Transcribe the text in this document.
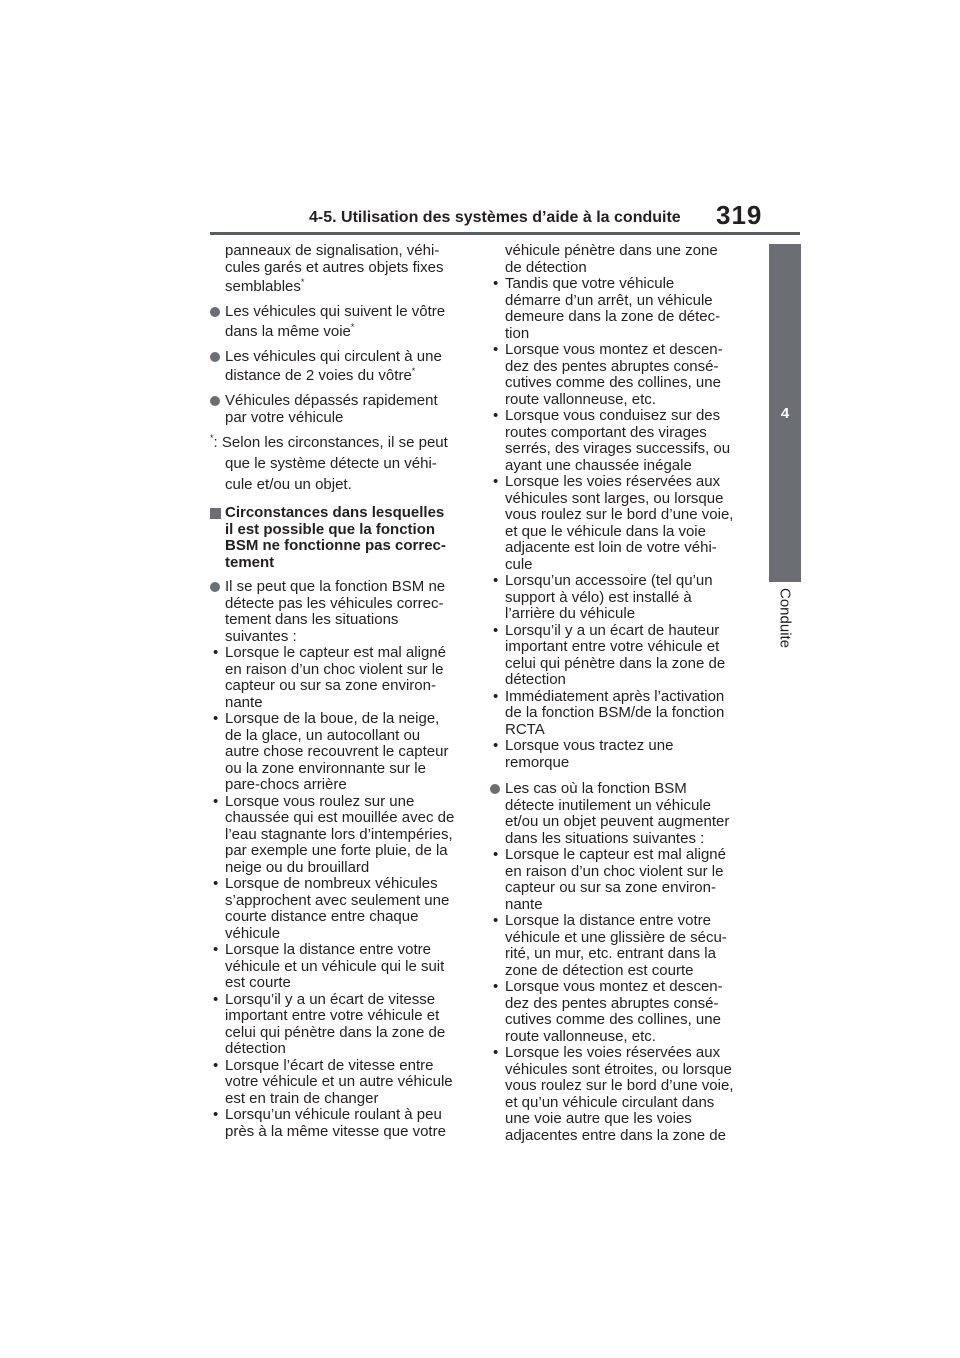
4-5. Utilisation des systèmes d’aide à la conduite 319
4
Conduite
panneaux de signalisation, véhi-
cules garés et autres objets fixes
semblables*
Les véhicules qui suivent le vôtre
dans la même voie*
Les véhicules qui circulent à une
distance de 2 voies du vôtre*
Véhicules dépassés rapidement
par votre véhicule
*: Selon les circonstances, il se peut
que le système détecte un véhi-
cule et/ou un objet.
Circonstances dans lesquelles
il est possible que la fonction
BSM ne fonctionne pas correc-
tement
Il se peut que la fonction BSM ne
détecte pas les véhicules correc-
tement dans les situations
suivantes :
• Lorsque le capteur est mal aligné
en raison d’un choc violent sur le
capteur ou sur sa zone environ-
nante
• Lorsque de la boue, de la neige,
de la glace, un autocollant ou
autre chose recouvrent le capteur
ou la zone environnante sur le
pare-chocs arrière
• Lorsque vous roulez sur une
chaussée qui est mouillée avec de
l’eau stagnante lors d’intempéries,
par exemple une forte pluie, de la
neige ou du brouillard
• Lorsque de nombreux véhicules
s’approchent avec seulement une
courte distance entre chaque
véhicule
• Lorsque la distance entre votre
véhicule et un véhicule qui le suit
est courte
• Lorsqu’il y a un écart de vitesse
important entre votre véhicule et
celui qui pénètre dans la zone de
détection
• Lorsque l’écart de vitesse entre
votre véhicule et un autre véhicule
est en train de changer
• Lorsqu’un véhicule roulant à peu
près à la même vitesse que votre
véhicule pénètre dans une zone
de détection
• Tandis que votre véhicule
démarre d’un arrêt, un véhicule
demeure dans la zone de détec-
tion
• Lorsque vous montez et descen-
dez des pentes abruptes consé-
cutives comme des collines, une
route vallonneuse, etc.
• Lorsque vous conduisez sur des
routes comportant des virages
serrés, des virages successifs, ou
ayant une chaussée inégale
• Lorsque les voies réservées aux
véhicules sont larges, ou lorsque
vous roulez sur le bord d’une voie,
et que le véhicule dans la voie
adjacente est loin de votre véhi-
cule
• Lorsqu’un accessoire (tel qu’un
support à vélo) est installé à
l’arrière du véhicule
• Lorsqu’il y a un écart de hauteur
important entre votre véhicule et
celui qui pénètre dans la zone de
détection
• Immédiatement après l’activation
de la fonction BSM/de la fonction
RCTA
• Lorsque vous tractez une
remorque
Les cas où la fonction BSM
détecte inutilement un véhicule
et/ou un objet peuvent augmenter
dans les situations suivantes :
• Lorsque le capteur est mal aligné
en raison d’un choc violent sur le
capteur ou sur sa zone environ-
nante
• Lorsque la distance entre votre
véhicule et une glissière de sécu-
rité, un mur, etc. entrant dans la
zone de détection est courte
• Lorsque vous montez et descen-
dez des pentes abruptes consé-
cutives comme des collines, une
route vallonneuse, etc.
• Lorsque les voies réservées aux
véhicules sont étroites, ou lorsque
vous roulez sur le bord d’une voie,
et qu’un véhicule circulant dans
une voie autre que les voies
adjacentes entre dans la zone de
